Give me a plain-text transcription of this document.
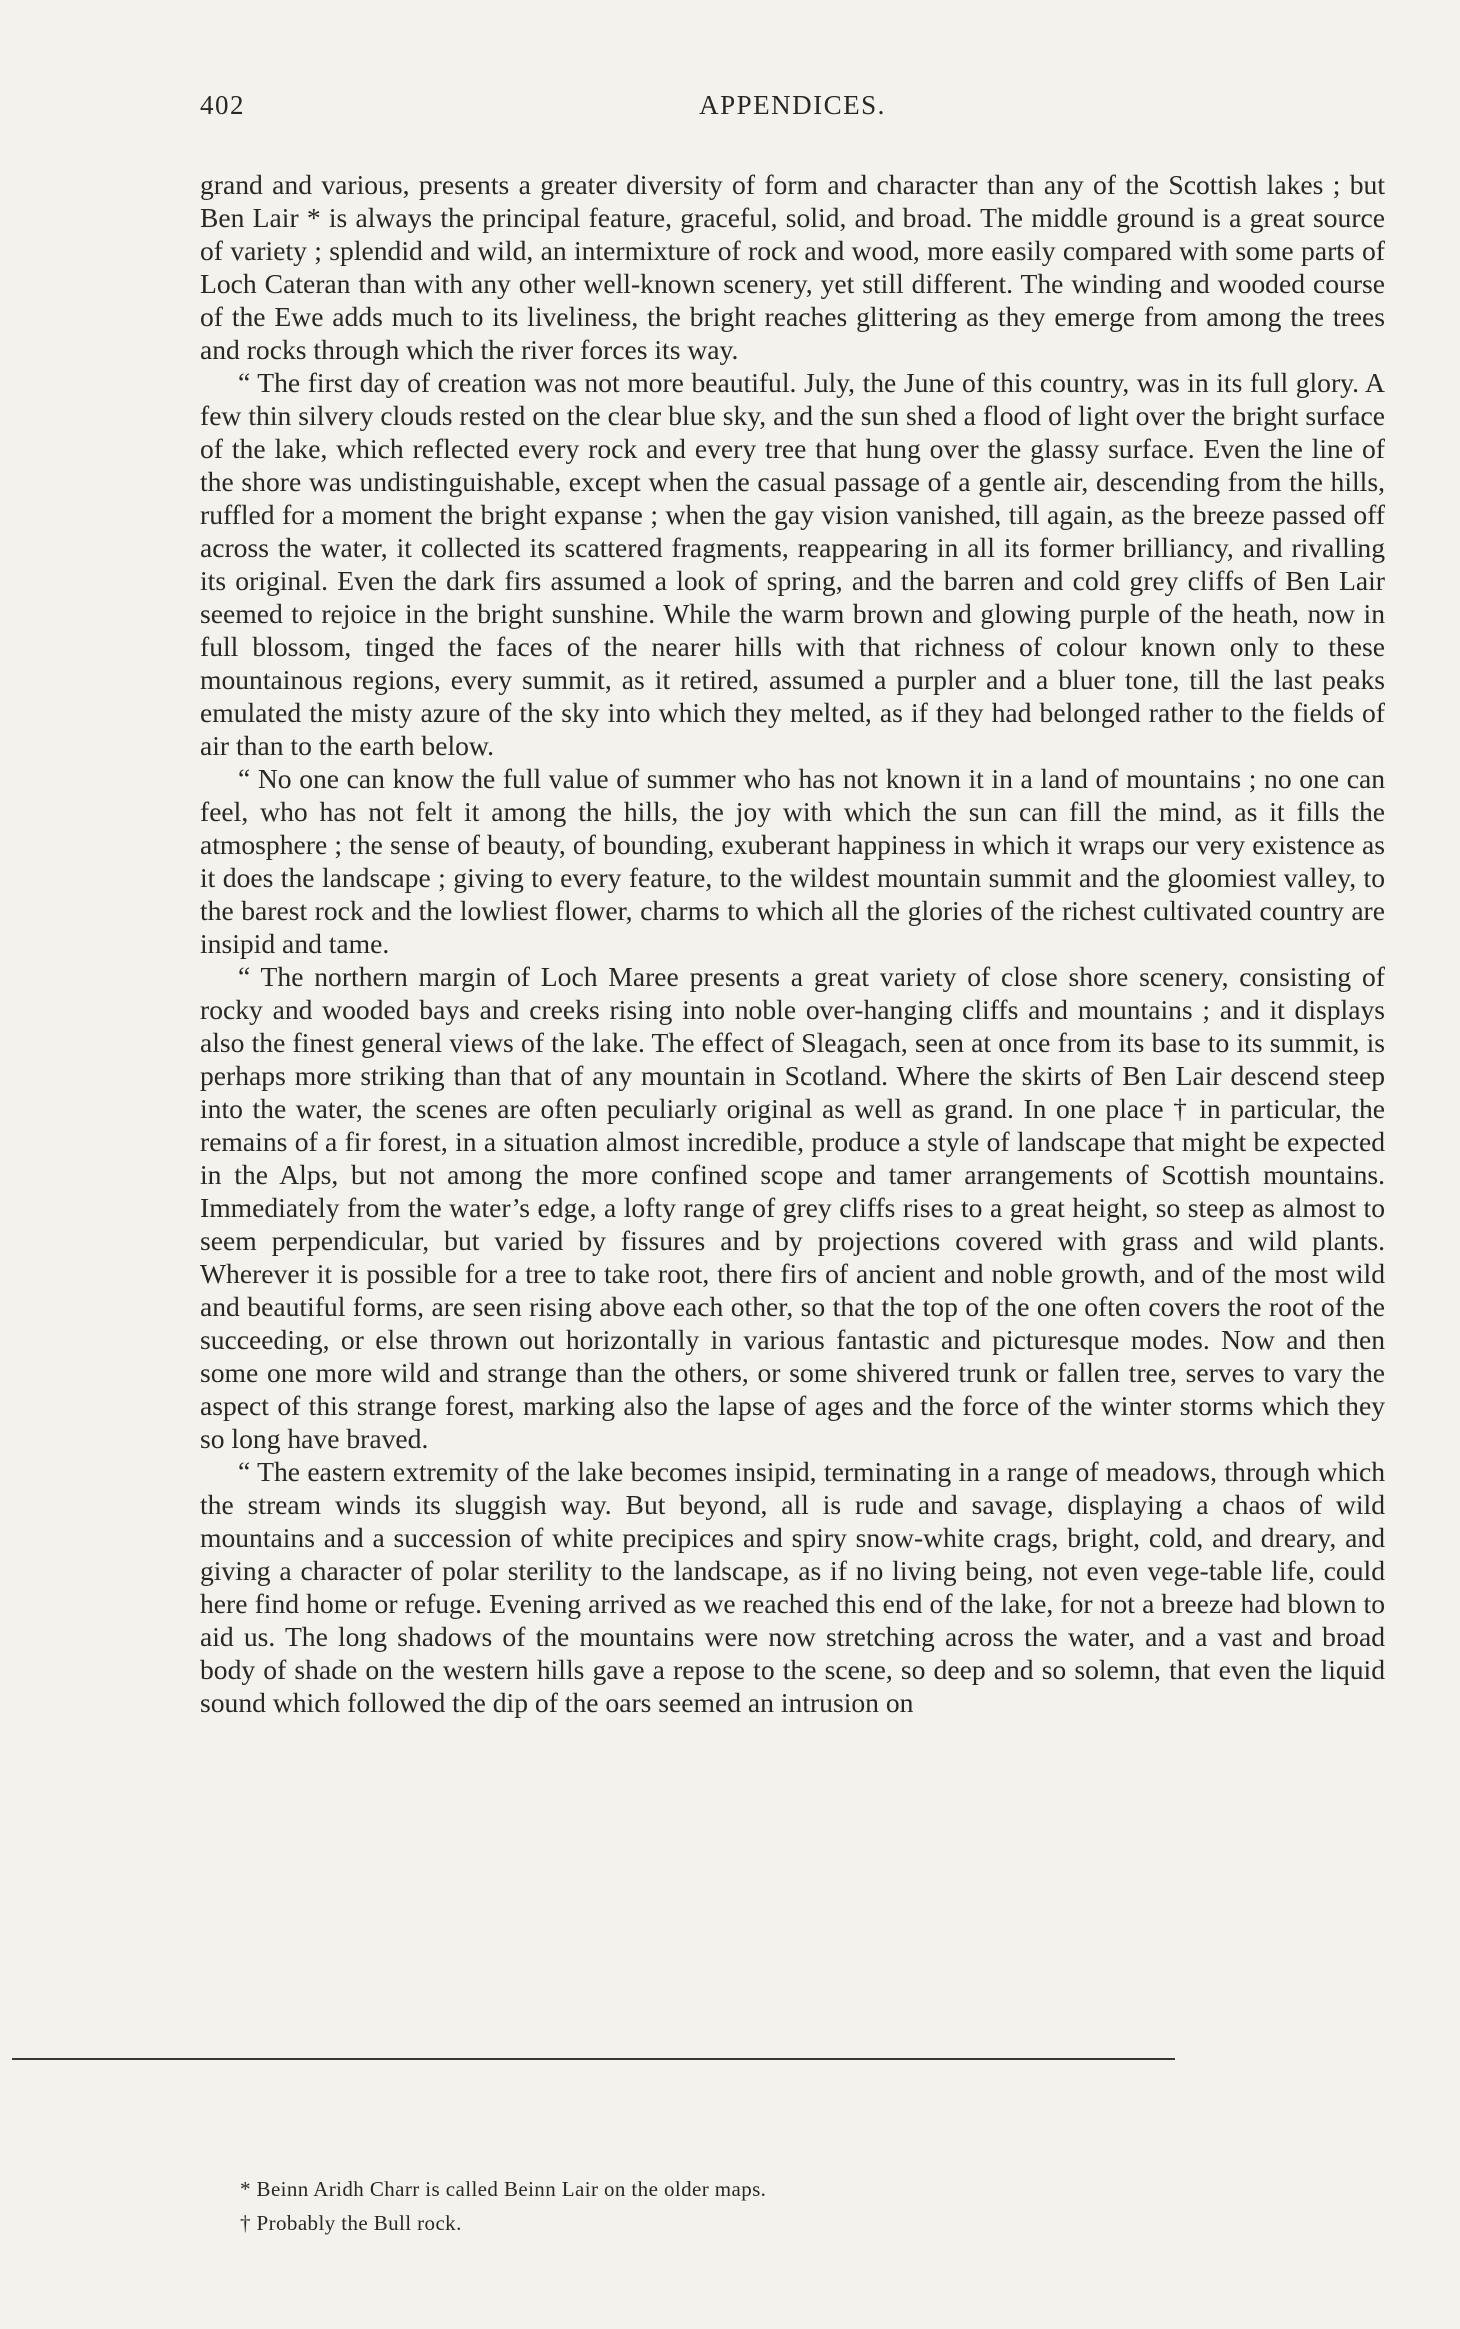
402	APPENDICES.

grand and various, presents a greater diversity of form and character than any of the Scottish lakes ; but Ben Lair * is always the principal feature, graceful, solid, and broad. The middle ground is a great source of variety ; splendid and wild, an intermixture of rock and wood, more easily compared with some parts of Loch Cateran than with any other well-known scenery, yet still different. The winding and wooded course of the Ewe adds much to its liveliness, the bright reaches glittering as they emerge from among the trees and rocks through which the river forces its way.

“ The first day of creation was not more beautiful. July, the June of this country, was in its full glory. A few thin silvery clouds rested on the clear blue sky, and the sun shed a flood of light over the bright surface of the lake, which reflected every rock and every tree that hung over the glassy surface. Even the line of the shore was undistinguishable, except when the casual passage of a gentle air, descending from the hills, ruffled for a moment the bright expanse ; when the gay vision vanished, till again, as the breeze passed off across the water, it collected its scattered fragments, reappearing in all its former brilliancy, and rivalling its original. Even the dark firs assumed a look of spring, and the barren and cold grey cliffs of Ben Lair seemed to rejoice in the bright sunshine. While the warm brown and glowing purple of the heath, now in full blossom, tinged the faces of the nearer hills with that richness of colour known only to these mountainous regions, every summit, as it retired, assumed a purpler and a bluer tone, till the last peaks emulated the misty azure of the sky into which they melted, as if they had belonged rather to the fields of air than to the earth below.

“ No one can know the full value of summer who has not known it in a land of mountains ; no one can feel, who has not felt it among the hills, the joy with which the sun can fill the mind, as it fills the atmosphere ; the sense of beauty, of bounding, exuberant happiness in which it wraps our very existence as it does the landscape ; giving to every feature, to the wildest mountain summit and the gloomiest valley, to the barest rock and the lowliest flower, charms to which all the glories of the richest cultivated country are insipid and tame.

“ The northern margin of Loch Maree presents a great variety of close shore scenery, consisting of rocky and wooded bays and creeks rising into noble over-hanging cliffs and mountains ; and it displays also the finest general views of the lake. The effect of Sleagach, seen at once from its base to its summit, is perhaps more striking than that of any mountain in Scotland. Where the skirts of Ben Lair descend steep into the water, the scenes are often peculiarly original as well as grand. In one place † in particular, the remains of a fir forest, in a situation almost incredible, produce a style of landscape that might be expected in the Alps, but not among the more confined scope and tamer arrangements of Scottish mountains. Immediately from the water’s edge, a lofty range of grey cliffs rises to a great height, so steep as almost to seem perpendicular, but varied by fissures and by projections covered with grass and wild plants. Wherever it is possible for a tree to take root, there firs of ancient and noble growth, and of the most wild and beautiful forms, are seen rising above each other, so that the top of the one often covers the root of the succeeding, or else thrown out horizontally in various fantastic and picturesque modes. Now and then some one more wild and strange than the others, or some shivered trunk or fallen tree, serves to vary the aspect of this strange forest, marking also the lapse of ages and the force of the winter storms which they so long have braved.

“ The eastern extremity of the lake becomes insipid, terminating in a range of meadows, through which the stream winds its sluggish way. But beyond, all is rude and savage, displaying a chaos of wild mountains and a succession of white precipices and spiry snow-white crags, bright, cold, and dreary, and giving a character of polar sterility to the landscape, as if no living being, not even vege-table life, could here find home or refuge. Evening arrived as we reached this end of the lake, for not a breeze had blown to aid us. The long shadows of the mountains were now stretching across the water, and a vast and broad body of shade on the western hills gave a repose to the scene, so deep and so solemn, that even the liquid sound which followed the dip of the oars seemed an intrusion on

* Beinn Aridh Charr is called Beinn Lair on the older maps.
† Probably the Bull rock.
